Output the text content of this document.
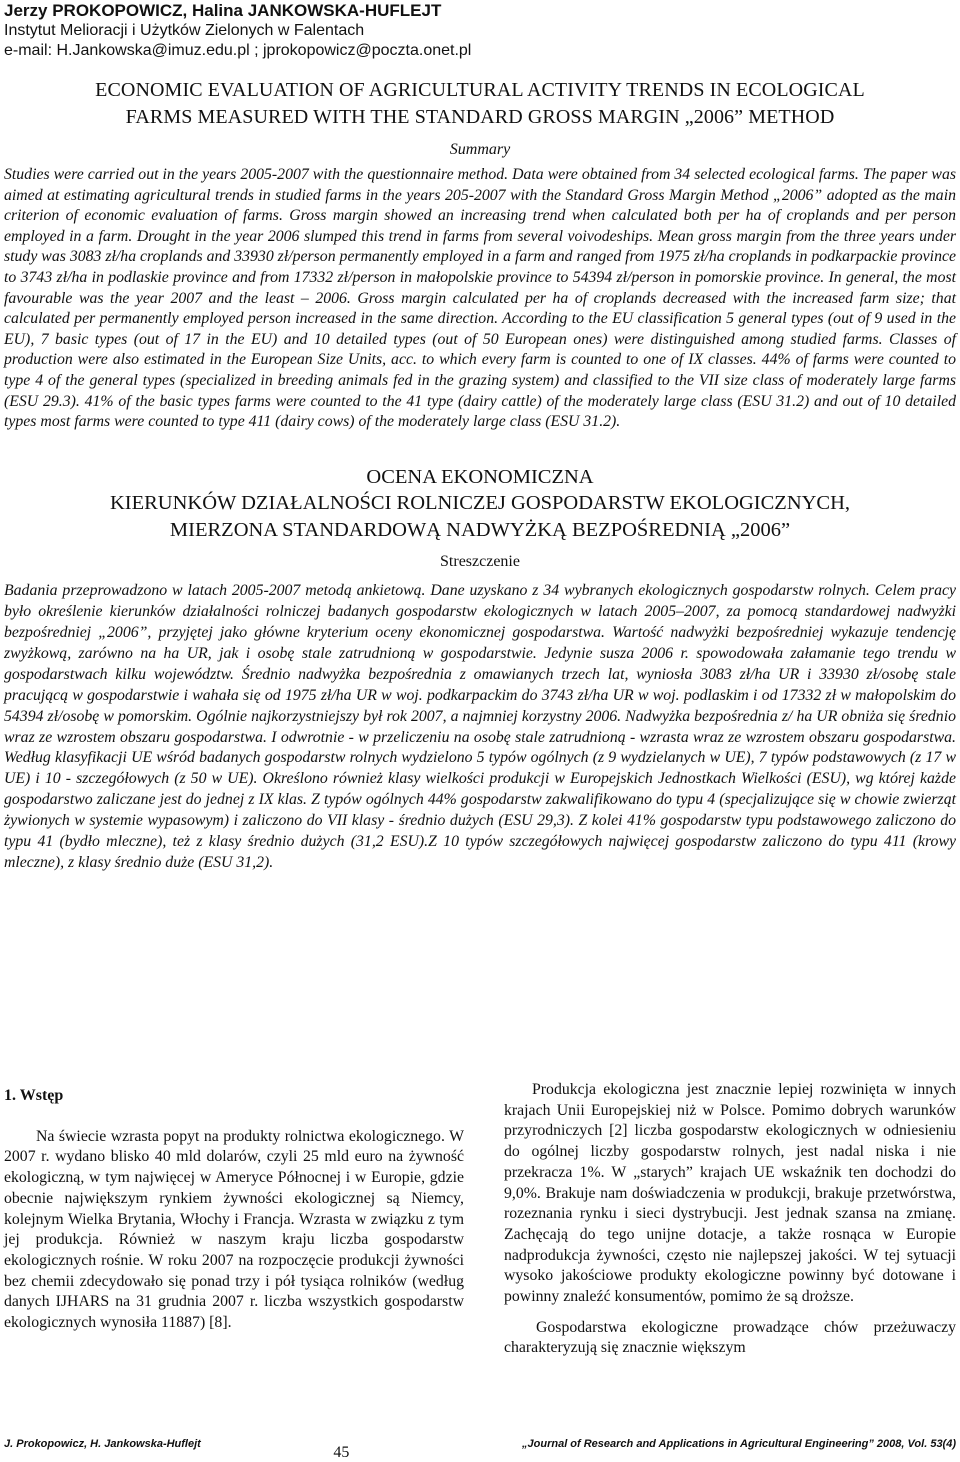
Jerzy PROKOPOWICZ, Halina JANKOWSKA-HUFLEJT
Instytut Melioracji i Użytków Zielonych w Falentach
e-mail: H.Jankowska@imuz.edu.pl ; jprokopowicz@poczta.onet.pl
ECONOMIC EVALUATION OF AGRICULTURAL ACTIVITY TRENDS IN ECOLOGICAL
FARMS MEASURED WITH THE STANDARD GROSS MARGIN „2006” METHOD
Summary

Studies were carried out in the years 2005-2007 with the questionnaire method. Data were obtained from 34 selected ecological farms. The paper was aimed at estimating agricultural trends in studied farms in the years 205-2007 with the Standard Gross Margin Method „2006” adopted as the main criterion of economic evaluation of farms. Gross margin showed an increasing trend when calculated both per ha of croplands and per person employed in a farm. Drought in the year 2006 slumped this trend in farms from several voivodeships. Mean gross margin from the three years under study was 3083 zł/ha croplands and 33930 zł/person permanently employed in a farm and ranged from 1975 zł/ha croplands in podkarpackie province to 3743 zł/ha in podlaskie province and from 17332 zł/person in małopolskie province to 54394 zł/person in pomorskie province. In general, the most favourable was the year 2007 and the least – 2006. Gross margin calculated per ha of croplands decreased with the increased farm size; that calculated per permanently employed person increased in the same direction. According to the EU classification 5 general types (out of 9 used in the EU), 7 basic types (out of 17 in the EU) and 10 detailed types (out of 50 European ones) were distinguished among studied farms. Classes of production were also estimated in the European Size Units, acc. to which every farm is counted to one of IX classes. 44% of farms were counted to type 4 of the general types (specialized in breeding animals fed in the grazing system) and classified to the VII size class of moderately large farms (ESU 29.3). 41% of the basic types farms were counted to the 41 type (dairy cattle) of the moderately large class (ESU 31.2) and out of 10 detailed types most farms were counted to type 411 (dairy cows) of the moderately large class (ESU 31.2).

OCENA EKONOMICZNA
KIERUNKÓW DZIAŁALNOŚCI ROLNICZEJ GOSPODARSTW EKOLOGICZNYCH,
MIERZONA STANDARDOWĄ NADWYŻKĄ BEZPOŚREDNIĄ „2006”
Streszczenie

Badania przeprowadzono w latach 2005-2007 metodą ankietową. Dane uzyskano z 34 wybranych ekologicznych gospodarstw rolnych. Celem pracy było określenie kierunków działalności rolniczej badanych gospodarstw ekologicznych w latach 2005–2007, za pomocą standardowej nadwyżki bezpośredniej „2006”, przyjętej jako główne kryterium oceny ekonomicznej gospodarstwa. Wartość nadwyżki bezpośredniej wykazuje tendencję zwyżkową, zarówno na ha UR, jak i osobę stale zatrudnioną w gospodarstwie. Jedynie susza 2006 r. spowodowała załamanie tego trendu w gospodarstwach kilku województw. Średnio nadwyżka bezpośrednia z omawianych trzech lat, wyniosła 3083 zł/ha UR i 33930 zł/osobę stale pracującą w gospodarstwie i wahała się od 1975 zł/ha UR w woj. podkarpackim do 3743 zł/ha UR w woj. podlaskim i od 17332 zł w małopolskim do 54394 zł/osobę w pomorskim. Ogólnie najkorzystniejszy był rok 2007, a najmniej korzystny 2006. Nadwyżka bezpośrednia z/ ha UR obniża się średnio wraz ze wzrostem obszaru gospodarstwa. I odwrotnie - w przeliczeniu na osobę stale zatrudnioną - wzrasta wraz ze wzrostem obszaru gospodarstwa. Według klasyfikacji UE wśród badanych gospodarstw rolnych wydzielono 5 typów ogólnych (z 9 wydzielanych w UE), 7 typów podstawowych (z 17 w UE) i 10 - szczegółowych (z 50 w UE). Określono również klasy wielkości produkcji w Europejskich Jednostkach Wielkości (ESU), wg której każde gospodarstwo zaliczane jest do jednej z IX klas. Z typów ogólnych 44% gospodarstw zakwalifikowano do typu 4 (specjalizujące się w chowie zwierząt żywionych w systemie wypasowym) i zaliczono do VII klasy - średnio dużych (ESU 29,3). Z kolei 41% gospodarstw typu podstawowego zaliczono do typu 41 (bydło mleczne), też z klasy średnio dużych (31,2 ESU).Z 10 typów szczegółowych najwięcej gospodarstw zaliczono do typu 411 (krowy mleczne), z klasy średnio duże (ESU 31,2).

1. Wstęp

Na świecie wzrasta popyt na produkty rolnictwa ekologicznego. W 2007 r. wydano blisko 40 mld dolarów, czyli 25 mld euro na żywność ekologiczną, w tym najwięcej w Ameryce Północnej i w Europie, gdzie obecnie największym rynkiem żywności ekologicznej są Niemcy, kolejnym Wielka Brytania, Włochy i Francja. Wzrasta w związku z tym jej produkcja. Również w naszym kraju liczba gospodarstw ekologicznych rośnie. W roku 2007 na rozpoczęcie produkcji żywności bez chemii zdecydowało się ponad trzy i pół tysiąca rolników (według danych IJHARS na 31 grudnia 2007 r. liczba wszystkich gospodarstw ekologicznych wynosiła 11887) [8].

Produkcja ekologiczna jest znacznie lepiej rozwinięta w innych krajach Unii Europejskiej niż w Polsce. Pomimo dobrych warunków przyrodniczych [2] liczba gospodarstw ekologicznych w odniesieniu do ogólnej liczby gospodarstw rolnych, jest nadal niska i nie przekracza 1%. W „starych” krajach UE wskaźnik ten dochodzi do 9,0%. Brakuje nam doświadczenia w produkcji, brakuje przetwórstwa, rozeznania rynku i sieci dystrybucji. Jest jednak szansa na zmianę. Zachęcają do tego unijne dotacje, a także rosnąca w Europie nadprodukcja żywności, często nie najlepszej jakości. W tej sytuacji wysoko jakościowe produkty ekologiczne powinny być dotowane i powinny znaleźć konsumentów, pomimo że są droższe.

Gospodarstwa ekologiczne prowadzące chów przeżuwaczy charakteryzują się znacznie większym

J. Prokopowicz, H. Jankowska-Huflejt	45	„Journal of Research and Applications in Agricultural Engineering” 2008, Vol. 53(4)
